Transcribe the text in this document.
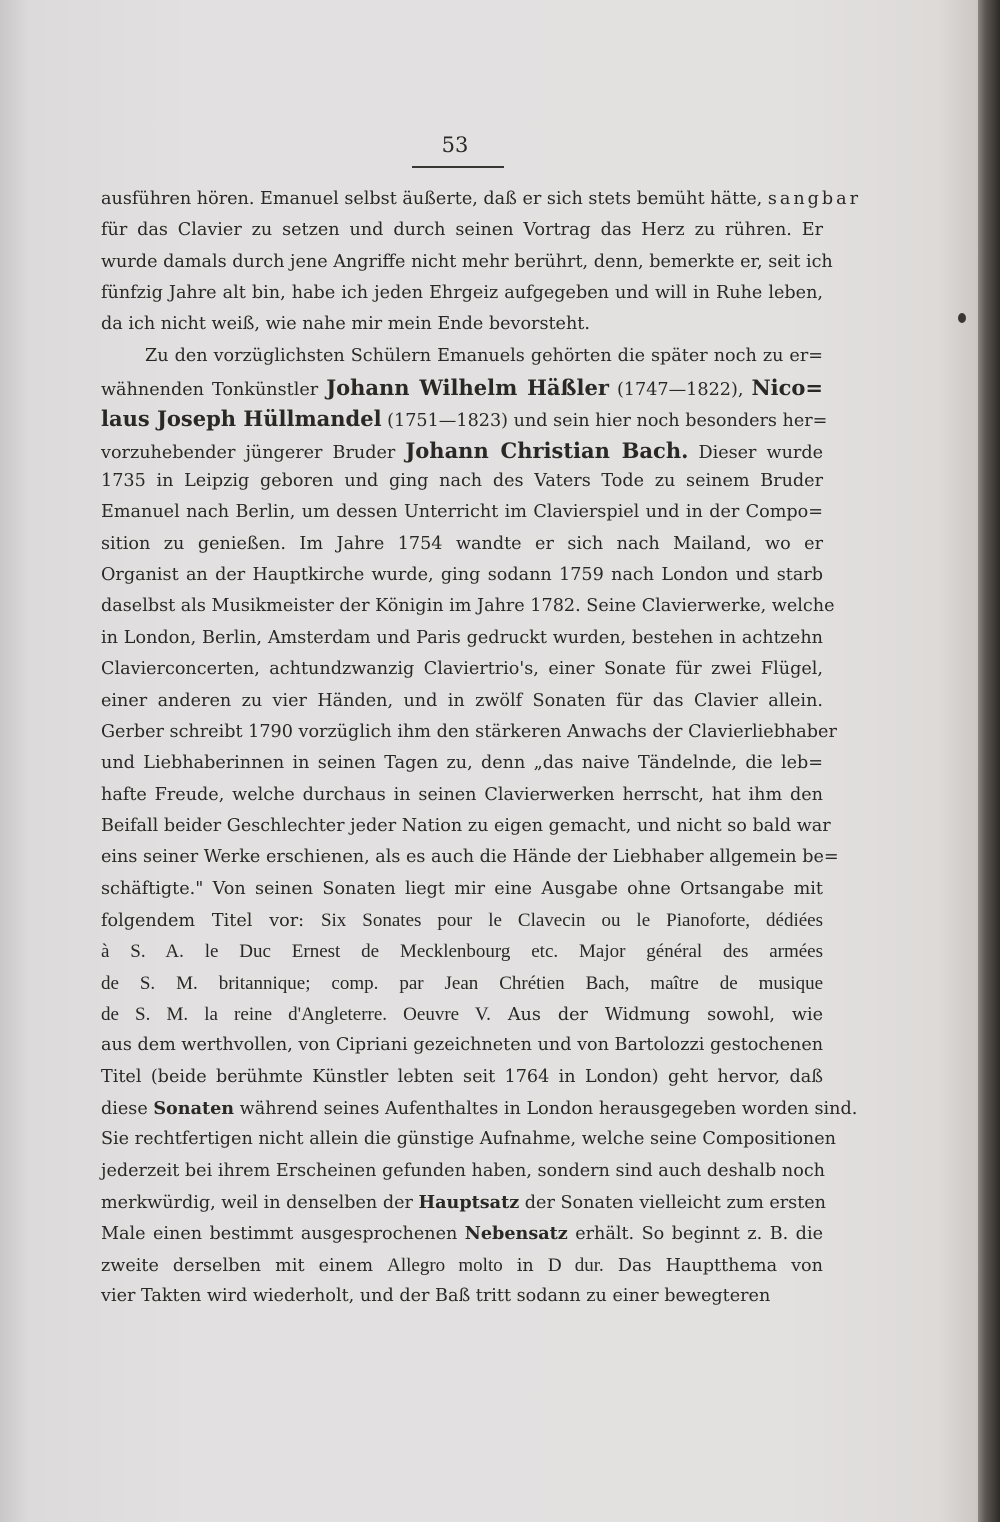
53
ausführen hören. Emanuel selbst äußerte, daß er sich stets bemüht hätte, sangbar
für das Clavier zu setzen und durch seinen Vortrag das Herz zu rühren. Er
wurde damals durch jene Angriffe nicht mehr berührt, denn, bemerkte er, seit ich
fünfzig Jahre alt bin, habe ich jeden Ehrgeiz aufgegeben und will in Ruhe leben,
da ich nicht weiß, wie nahe mir mein Ende bevorsteht.
Zu den vorzüglichsten Schülern Emanuels gehörten die später noch zu er=
wähnenden Tonkünstler Johann Wilhelm Häßler (1747—1822), Nico=
laus Joseph Hüllmandel (1751—1823) und sein hier noch besonders her=
vorzuhebender jüngerer Bruder Johann Christian Bach. Dieser wurde
1735 in Leipzig geboren und ging nach des Vaters Tode zu seinem Bruder
Emanuel nach Berlin, um dessen Unterricht im Clavierspiel und in der Compo=
sition zu genießen. Im Jahre 1754 wandte er sich nach Mailand, wo er
Organist an der Hauptkirche wurde, ging sodann 1759 nach London und starb
daselbst als Musikmeister der Königin im Jahre 1782. Seine Clavierwerke, welche
in London, Berlin, Amsterdam und Paris gedruckt wurden, bestehen in achtzehn
Clavierconcerten, achtundzwanzig Claviertrio's, einer Sonate für zwei Flügel,
einer anderen zu vier Händen, und in zwölf Sonaten für das Clavier allein.
Gerber schreibt 1790 vorzüglich ihm den stärkeren Anwachs der Clavierliebhaber
und Liebhaberinnen in seinen Tagen zu, denn „das naive Tändelnde, die leb=
hafte Freude, welche durchaus in seinen Clavierwerken herrscht, hat ihm den
Beifall beider Geschlechter jeder Nation zu eigen gemacht, und nicht so bald war
eins seiner Werke erschienen, als es auch die Hände der Liebhaber allgemein be=
schäftigte." Von seinen Sonaten liegt mir eine Ausgabe ohne Ortsangabe mit
folgendem Titel vor: Six Sonates pour le Clavecin ou le Pianoforte, dédiées
à S. A. le Duc Ernest de Mecklenbourg etc. Major général des armées
de S. M. britannique; comp. par Jean Chrétien Bach, maître de musique
de S. M. la reine d'Angleterre. Oeuvre V. Aus der Widmung sowohl, wie
aus dem werthvollen, von Cipriani gezeichneten und von Bartolozzi gestochenen
Titel (beide berühmte Künstler lebten seit 1764 in London) geht hervor, daß
diese Sonaten während seines Aufenthaltes in London herausgegeben worden sind.
Sie rechtfertigen nicht allein die günstige Aufnahme, welche seine Compositionen
jederzeit bei ihrem Erscheinen gefunden haben, sondern sind auch deshalb noch
merkwürdig, weil in denselben der Hauptsatz der Sonaten vielleicht zum ersten
Male einen bestimmt ausgesprochenen Nebensatz erhält. So beginnt z. B. die
zweite derselben mit einem Allegro molto in D dur. Das Hauptthema von
vier Takten wird wiederholt, und der Baß tritt sodann zu einer bewegteren
